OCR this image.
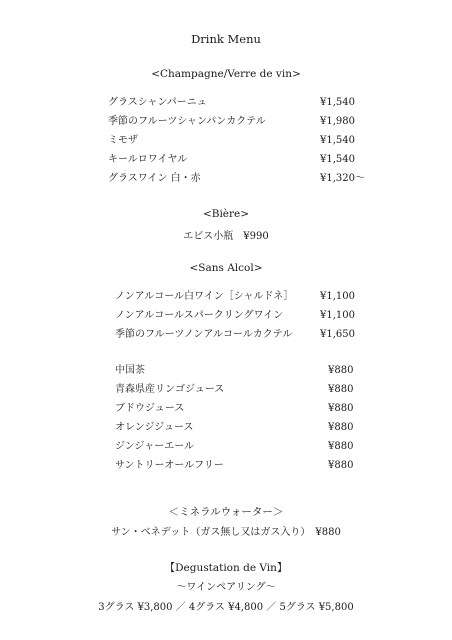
Drink Menu
<Champagne/Verre de vin>
グラスシャンパーニュ	¥1,540
季節のフルーツシャンパンカクテル	¥1,980
ミモザ	¥1,540
キールロワイヤル	¥1,540
グラスワイン 白・赤	¥1,320～
<Bière>
エビス小瓶　¥990
<Sans Alcol>
ノンアルコール白ワイン［シャルドネ］	¥1,100
ノンアルコールスパークリングワイン	¥1,100
季節のフルーツノンアルコールカクテル	¥1,650
中国茶	¥880
青森県産リンゴジュース	¥880
ブドウジュース	¥880
オレンジジュース	¥880
ジンジャーエール	¥880
サントリーオールフリー	¥880
＜ミネラルウォーター＞
サン・ベネデット（ガス無し又はガス入り）　¥880
【Degustation de Vin】
～ワインペアリング～
3グラス ¥3,800 ／ 4グラス ¥4,800 ／ 5グラス ¥5,800
